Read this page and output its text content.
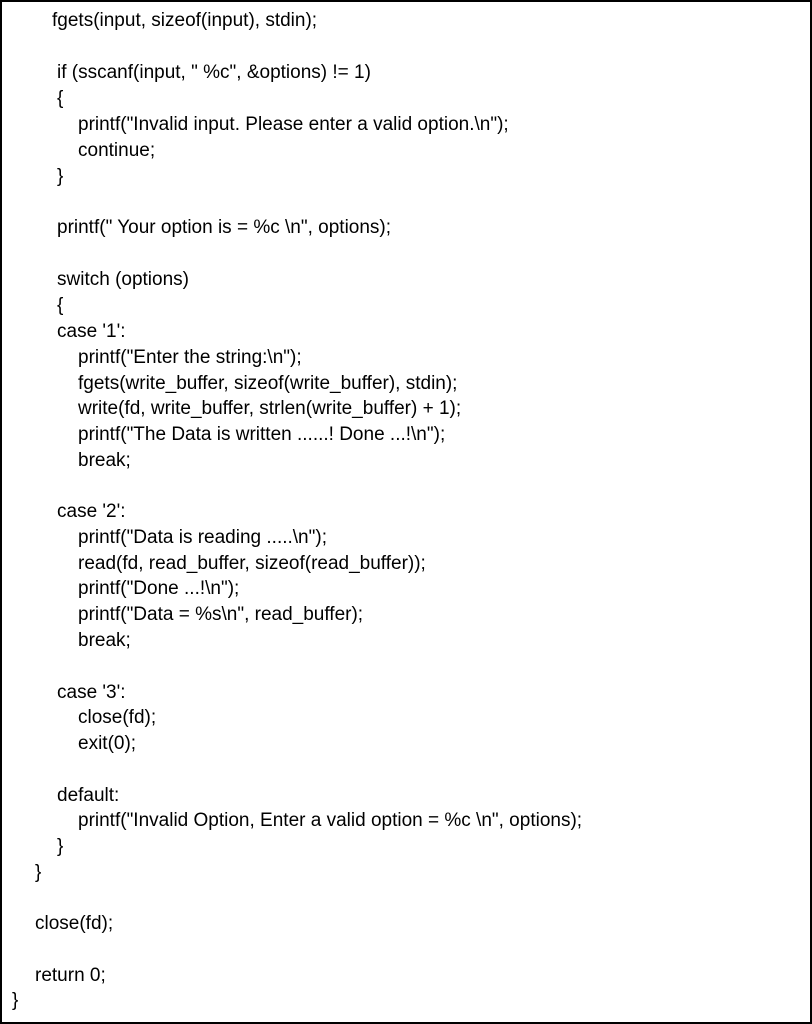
fgets(input, sizeof(input), stdin);
if (sscanf(input, " %c", &options) != 1)
{
printf("Invalid input. Please enter a valid option.\n");
continue;
}
printf(" Your option is = %c \n", options);
switch (options)
{
case '1':
printf("Enter the string:\n");
fgets(write_buffer, sizeof(write_buffer), stdin);
write(fd, write_buffer, strlen(write_buffer) + 1);
printf("The Data is written ......! Done ...!\n");
break;
case '2':
printf("Data is reading .....\n");
read(fd, read_buffer, sizeof(read_buffer));
printf("Done ...!\n");
printf("Data = %s\n", read_buffer);
break;
case '3':
close(fd);
exit(0);
default:
printf("Invalid Option, Enter a valid option = %c \n", options);
}
}
close(fd);
return 0;
}
